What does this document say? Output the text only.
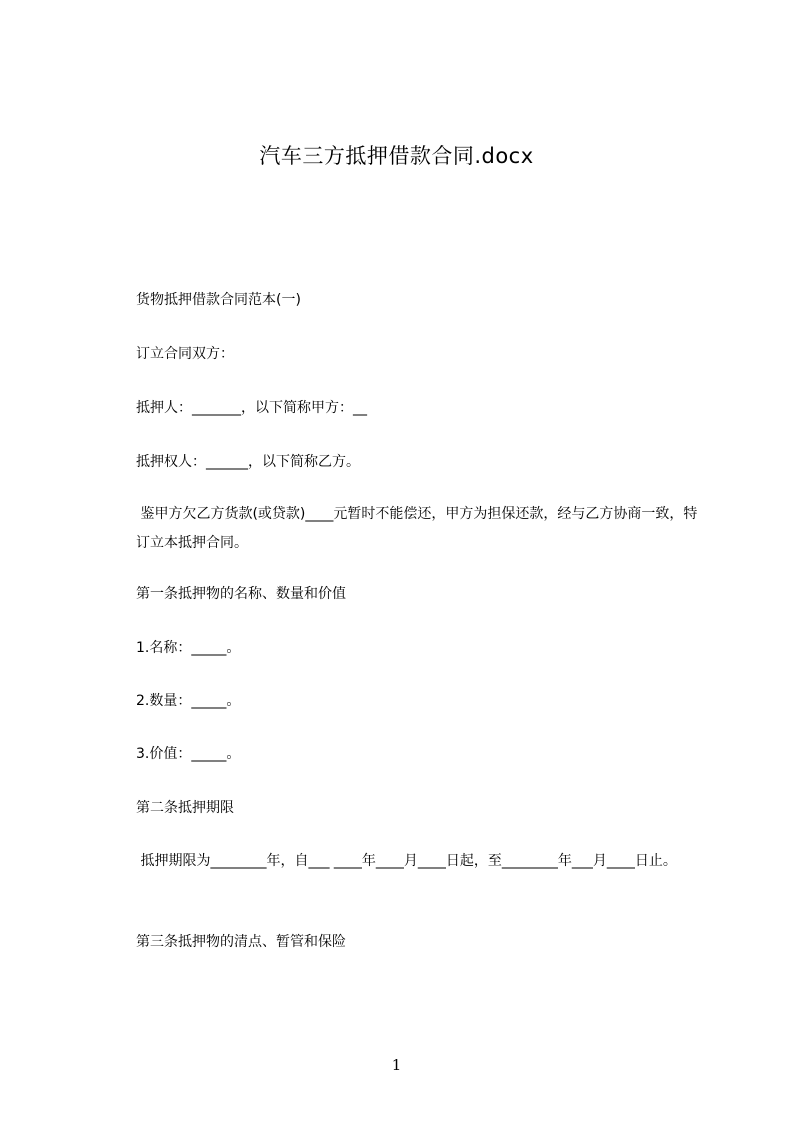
汽车三方抵押借款合同.docx
货物抵押借款合同范本(一)
订立合同双方：
抵押人：_______，以下简称甲方：__
抵押权人：______，以下简称乙方。
鉴甲方欠乙方货款(或贷款)____元暂时不能偿还，甲方为担保还款，经与乙方协商一致，特订立本抵押合同。
第一条抵押物的名称、数量和价值
1.名称：_____。
2.数量：_____。
3.价值：_____。
第二条抵押期限
抵押期限为________年，自___ ____年____月____日起，至________年___月____日止。
第三条抵押物的清点、暂管和保险
1
